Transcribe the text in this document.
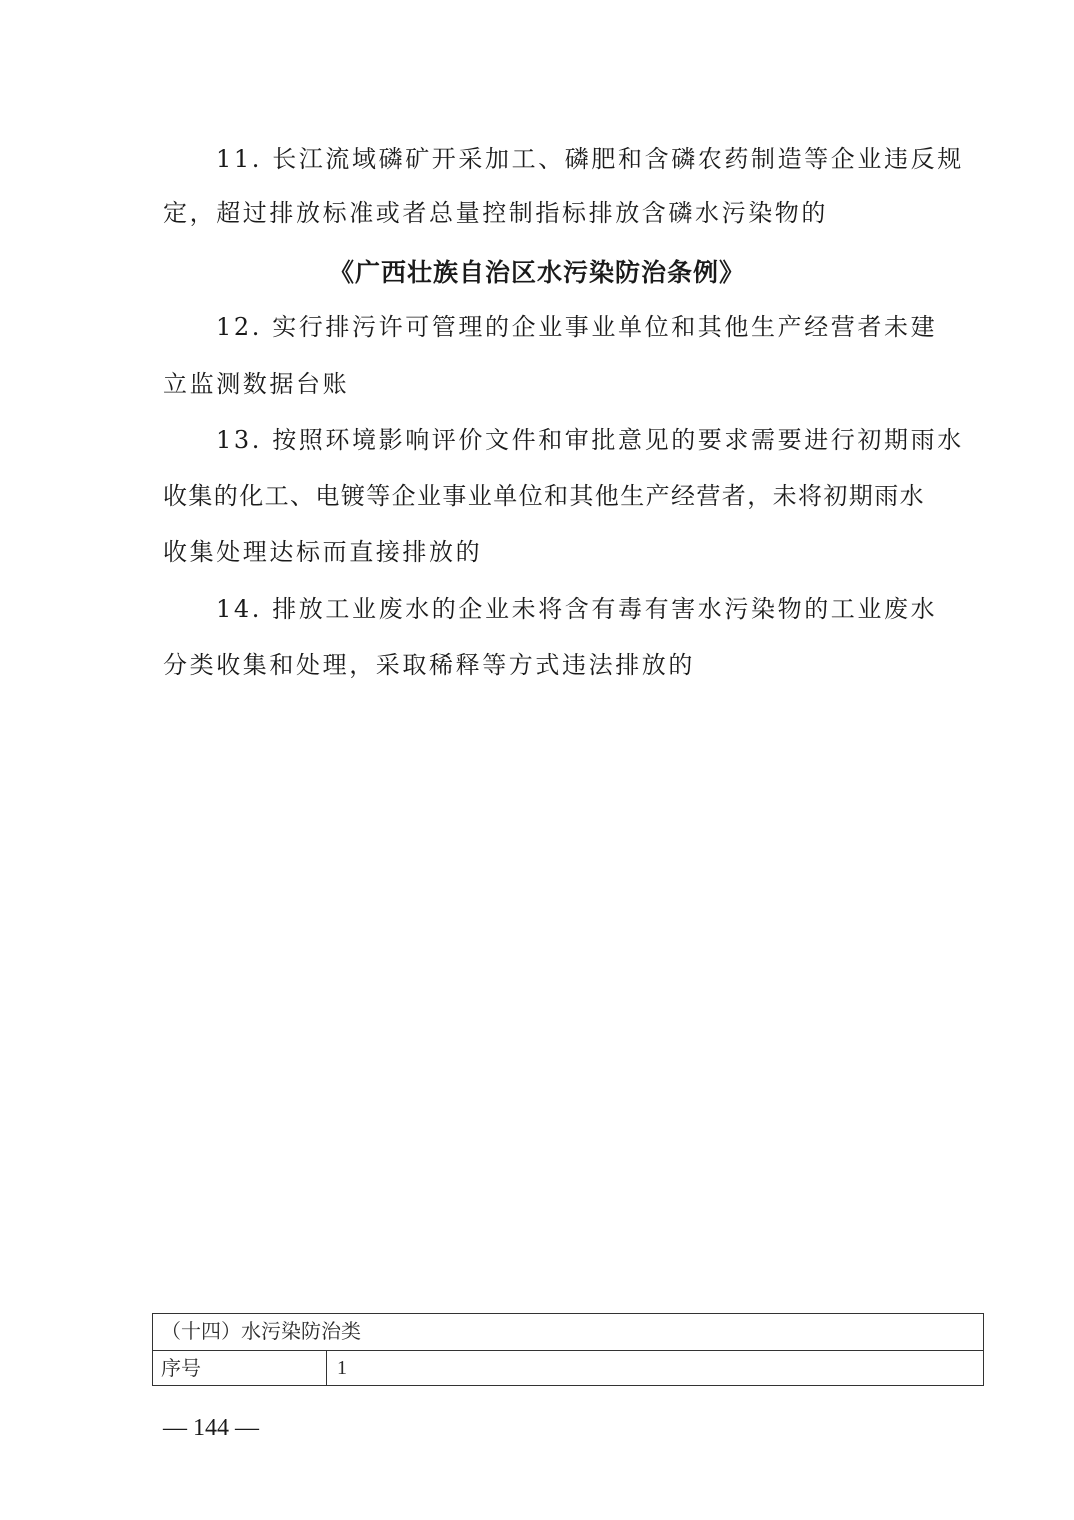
11. 长江流域磷矿开采加工、磷肥和含磷农药制造等企业违反规
定，超过排放标准或者总量控制指标排放含磷水污染物的
《广西壮族自治区水污染防治条例》
12. 实行排污许可管理的企业事业单位和其他生产经营者未建
立监测数据台账
13. 按照环境影响评价文件和审批意见的要求需要进行初期雨水
收集的化工、电镀等企业事业单位和其他生产经营者，未将初期雨水
收集处理达标而直接排放的
14. 排放工业废水的企业未将含有毒有害水污染物的工业废水
分类收集和处理，采取稀释等方式违法排放的
（十四）水污染防治类
序号	1
— 144 —
